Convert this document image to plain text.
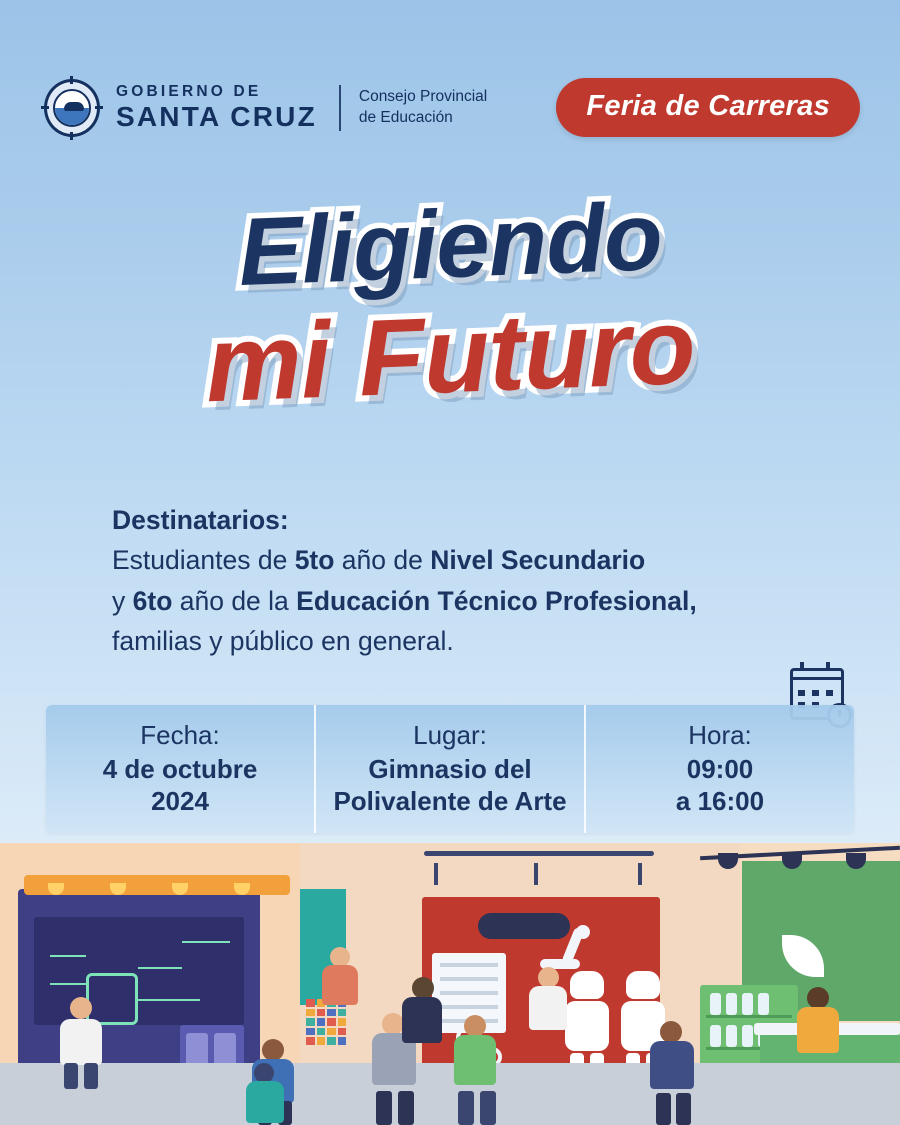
GOBIERNO DE
SANTA CRUZ
Consejo Provincial
de Educación	Feria de Carreras
Eligiendo
mi Futuro
Destinatarios:
Estudiantes de 5to año de Nivel Secundario
y 6to año de la Educación Técnico Profesional,
familias y público en general.
Fecha:
4 de octubre
2024
Lugar:
Gimnasio del
Polivalente de Arte
Hora:
09:00
a 16:00
